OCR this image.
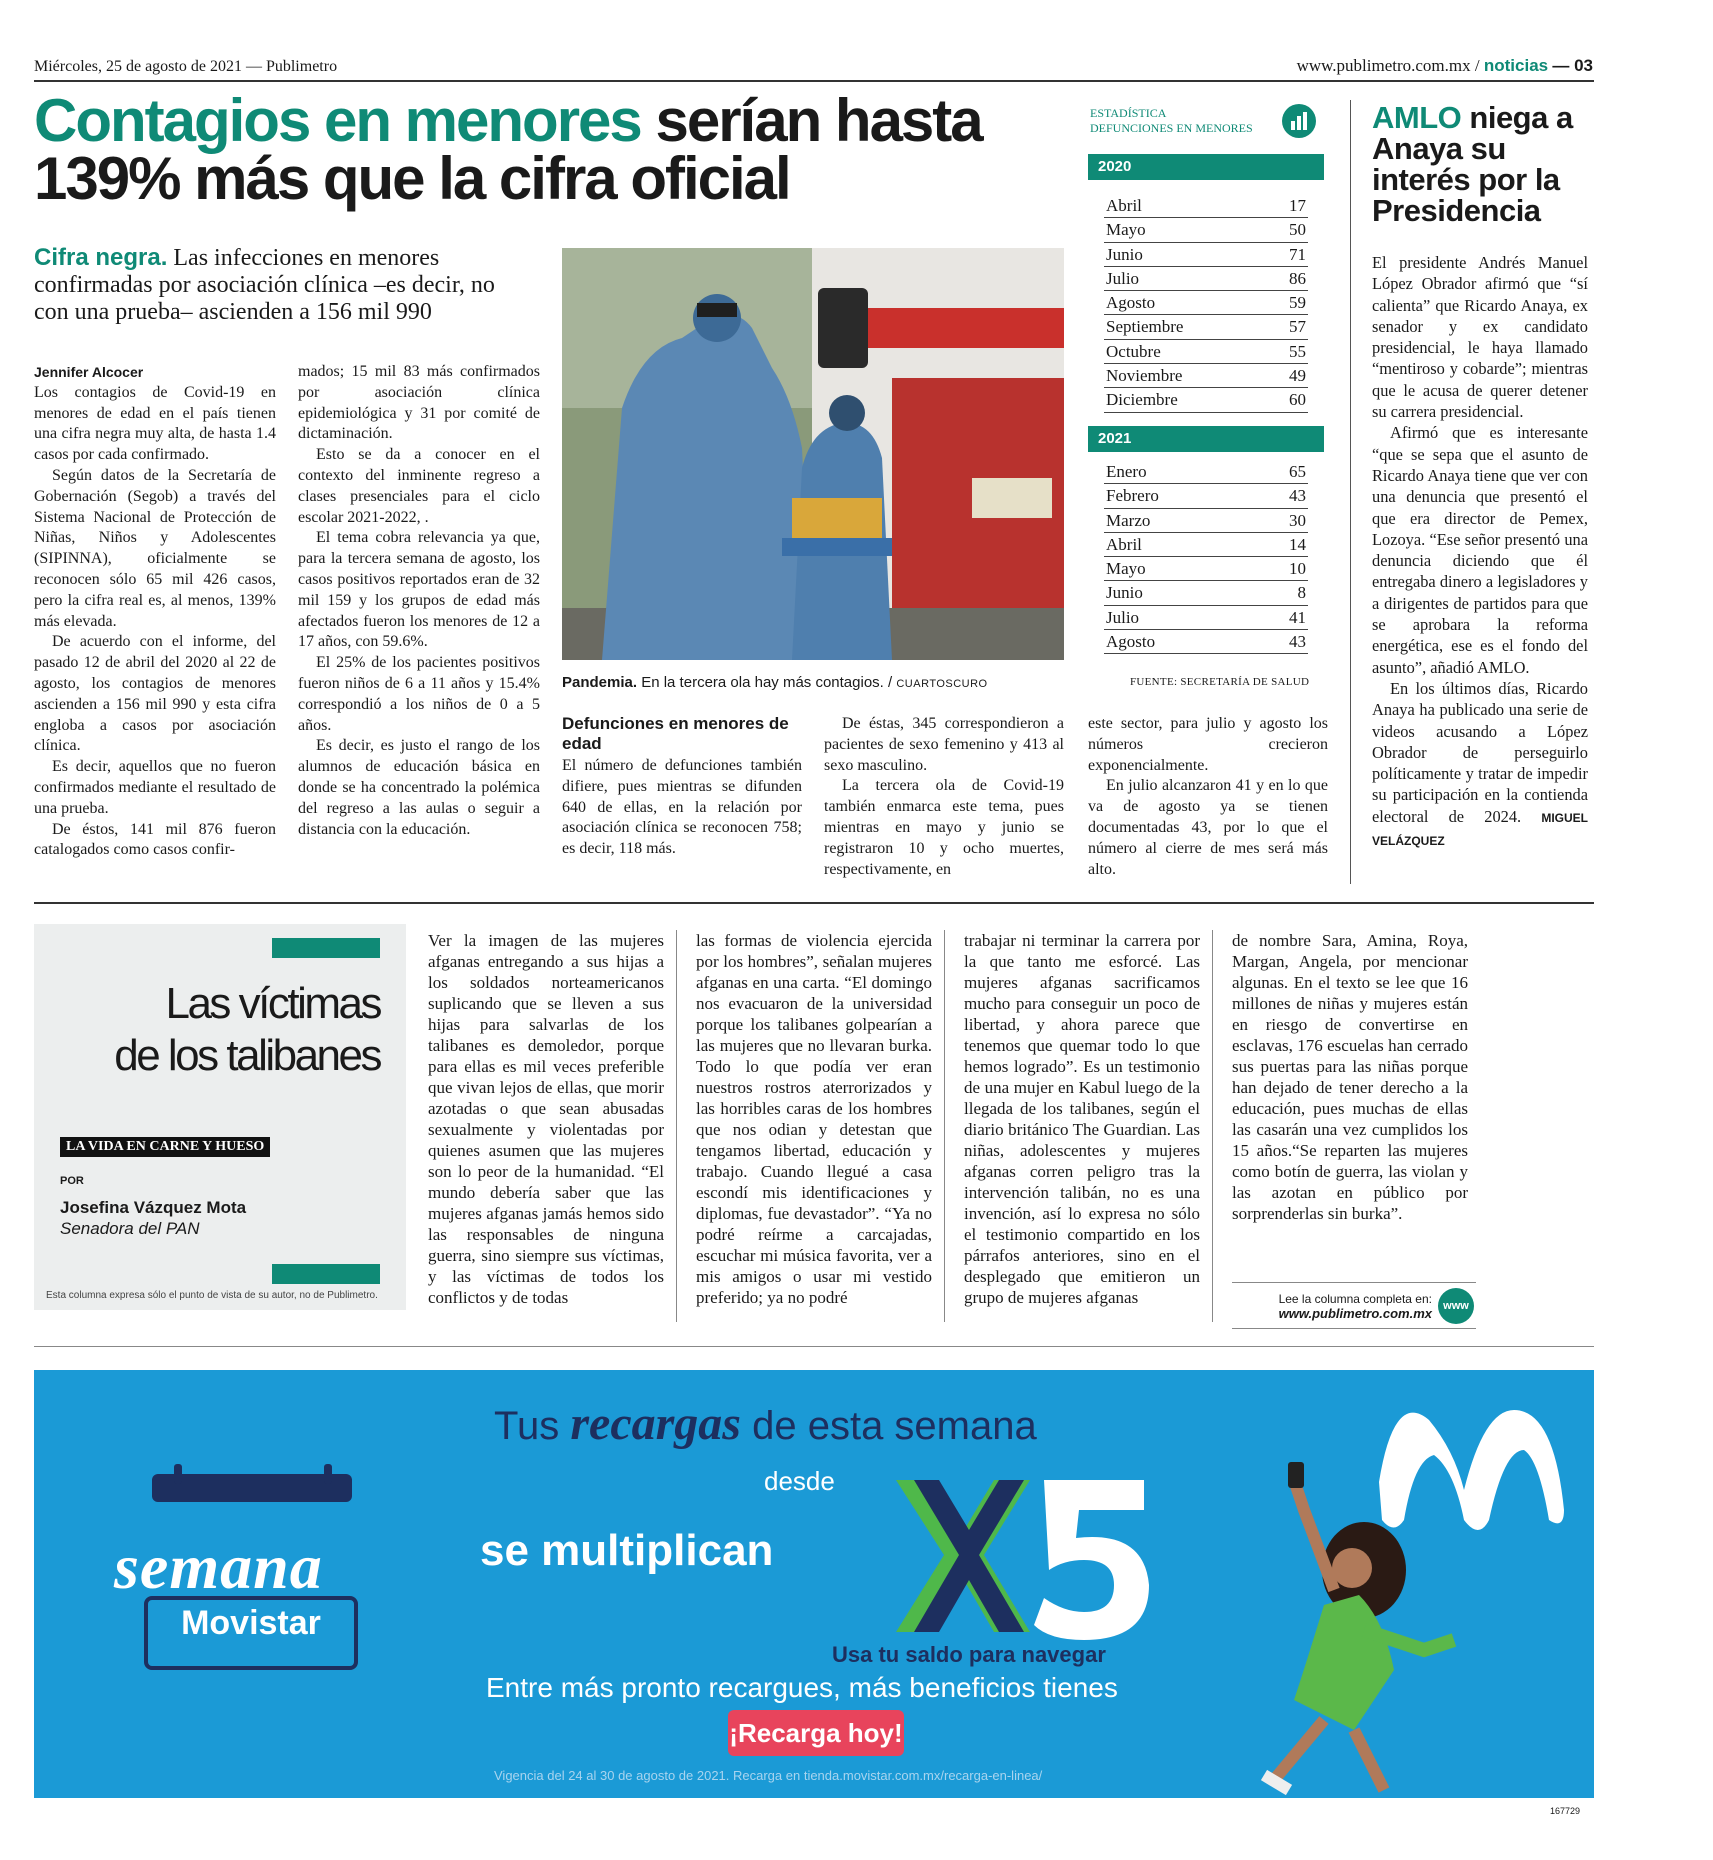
Miércoles, 25 de agosto de 2021 — Publimetro	www.publimetro.com.mx / noticias — 03
Contagios en menores serían hasta 139% más que la cifra oficial
Cifra negra. Las infecciones en menores confirmadas por asociación clínica –es decir, no con una prueba– ascienden a 156 mil 990
Jennifer Alcocer

Los contagios de Covid-19 en menores de edad en el país tienen una cifra negra muy alta, de hasta 1.4 casos por cada confirmado.

Según datos de la Secretaría de Gobernación (Segob) a través del Sistema Nacional de Protección de Niñas, Niños y Adolescentes (SIPINNA), oficialmente se reconocen sólo 65 mil 426 casos, pero la cifra real es, al menos, 139% más elevada.

De acuerdo con el informe, del pasado 12 de abril del 2020 al 22 de agosto, los contagios de menores ascienden a 156 mil 990 y esta cifra engloba a casos por asociación clínica.

Es decir, aquellos que no fueron confirmados mediante el resultado de una prueba.

De éstos, 141 mil 876 fueron catalogados como casos confir-

mados; 15 mil 83 más confirmados por asociación clínica epidemiológica y 31 por comité de dictaminación.

Esto se da a conocer en el contexto del inminente regreso a clases presenciales para el ciclo escolar 2021-2022, .

El tema cobra relevancia ya que, para la tercera semana de agosto, los casos positivos reportados eran de 32 mil 159 y los grupos de edad más afectados fueron los menores de 12 a 17 años, con 59.6%.

El 25% de los pacientes positivos fueron niños de 6 a 11 años y 15.4% correspondió a los niños de 0 a 5 años.

Es decir, es justo el rango de los alumnos de educación básica en donde se ha concentrado la polémica del regreso a las aulas o seguir a distancia con la educación.

Pandemia. En la tercera ola hay más contagios. / CUARTOSCURO
Defunciones en menores de edad

El número de defunciones también difiere, pues mientras se difunden 640 de ellas, en la relación por asociación clínica se reconocen 758; es decir, 118 más.

De éstas, 345 correspondieron a pacientes de sexo femenino y 413 al sexo masculino.

La tercera ola de Covid-19 también enmarca este tema, pues mientras en mayo y junio se registraron 10 y ocho muertes, respectivamente, en

este sector, para julio y agosto los números crecieron exponencialmente.

En julio alcanzaron 41 y en lo que va de agosto ya se tienen documentadas 43, por lo que el número al cierre de mes será más alto.

ESTADÍSTICA
DEFUNCIONES EN MENORES
2020
Abril	17
Mayo	50
Junio	71
Julio	86
Agosto	59
Septiembre	57
Octubre	55
Noviembre	49
Diciembre	60
2021
Enero	65
Febrero	43
Marzo	30
Abril	14
Mayo	10
Junio	8
Julio	41
Agosto	43
FUENTE: SECRETARÍA DE SALUD
AMLO niega a Anaya su interés por la Presidencia

El presidente Andrés Manuel López Obrador afirmó que “sí calienta” que Ricardo Anaya, ex senador y ex candidato presidencial, le haya llamado “mentiroso y cobarde”; mientras que le acusa de querer detener su carrera presidencial.

Afirmó que es interesante “que se sepa que el asunto de Ricardo Anaya tiene que ver con una denuncia que presentó el que era director de Pemex, Lozoya. “Ese señor presentó una denuncia diciendo que él entregaba dinero a legisladores y a dirigentes de partidos para que se aprobara la reforma energética, ese es el fondo del asunto”, añadió AMLO.

En los últimos días, Ricardo Anaya ha publicado una serie de videos acusando a López Obrador de perseguirlo políticamente y tratar de impedir su participación en la contienda electoral de 2024. MIGUEL VELÁZQUEZ

Las víctimas
de los talibanes
LA VIDA EN CARNE Y HUESO
POR
Josefina Vázquez Mota
Senadora del PAN
Esta columna expresa sólo el punto de vista de su autor, no de Publimetro.
Ver la imagen de las mujeres afganas entregando a sus hijas a los soldados norteamericanos suplicando que se lleven a sus hijas para salvarlas de los talibanes es demoledor, porque para ellas es mil veces preferible que vivan lejos de ellas, que morir azotadas o que sean abusadas sexualmente y violentadas por quienes asumen que las mujeres son lo peor de la humanidad. “El mundo debería saber que las mujeres afganas jamás hemos sido las responsables de ninguna guerra, sino siempre sus víctimas, y las víctimas de todos los conflictos y de todas
las formas de violencia ejercida por los hombres”, señalan mujeres afganas en una carta. “El domingo nos evacuaron de la universidad porque los talibanes golpearían a las mujeres que no llevaran burka. Todo lo que podía ver eran nuestros rostros aterrorizados y las horribles caras de los hombres que nos odian y detestan que tengamos libertad, educación y trabajo. Cuando llegué a casa escondí mis identificaciones y diplomas, fue devastador”. “Ya no podré reírme a carcajadas, escuchar mi música favorita, ver a mis amigos o usar mi vestido preferido; ya no podré
trabajar ni terminar la carrera por la que tanto me esforcé. Las mujeres afganas sacrificamos mucho para conseguir un poco de libertad, y ahora parece que tenemos que quemar todo lo que hemos logrado”. Es un testimonio de una mujer en Kabul luego de la llegada de los talibanes, según el diario británico The Guardian. Las niñas, adolescentes y mujeres afganas corren peligro tras la intervención talibán, no es una invención, así lo expresa no sólo el testimonio compartido en los párrafos anteriores, sino en el desplegado que emitieron un grupo de mujeres afganas
de nombre Sara, Amina, Roya, Margan, Angela, por mencionar algunas. En el texto se lee que 16 millones de niñas y mujeres están en riesgo de convertirse en esclavas, 176 escuelas han cerrado sus puertas para las niñas porque han dejado de tener derecho a la educación, pues muchas de ellas las casarán una vez cumplidos los 15 años.“Se reparten las mujeres como botín de guerra, las violan y las azotan en público por sorprenderlas sin burka”.
Lee la columna completa en:
www.publimetro.com.mx	www
Tus recargas de esta semana
desde
se multiplican
Usa tu saldo para navegar
Entre más pronto recargues, más beneficios tienes
¡Recarga hoy!
Vigencia del 24 al 30 de agosto de 2021. Recarga en tienda.movistar.com.mx/recarga-en-linea/
semana
Movistar
167729
